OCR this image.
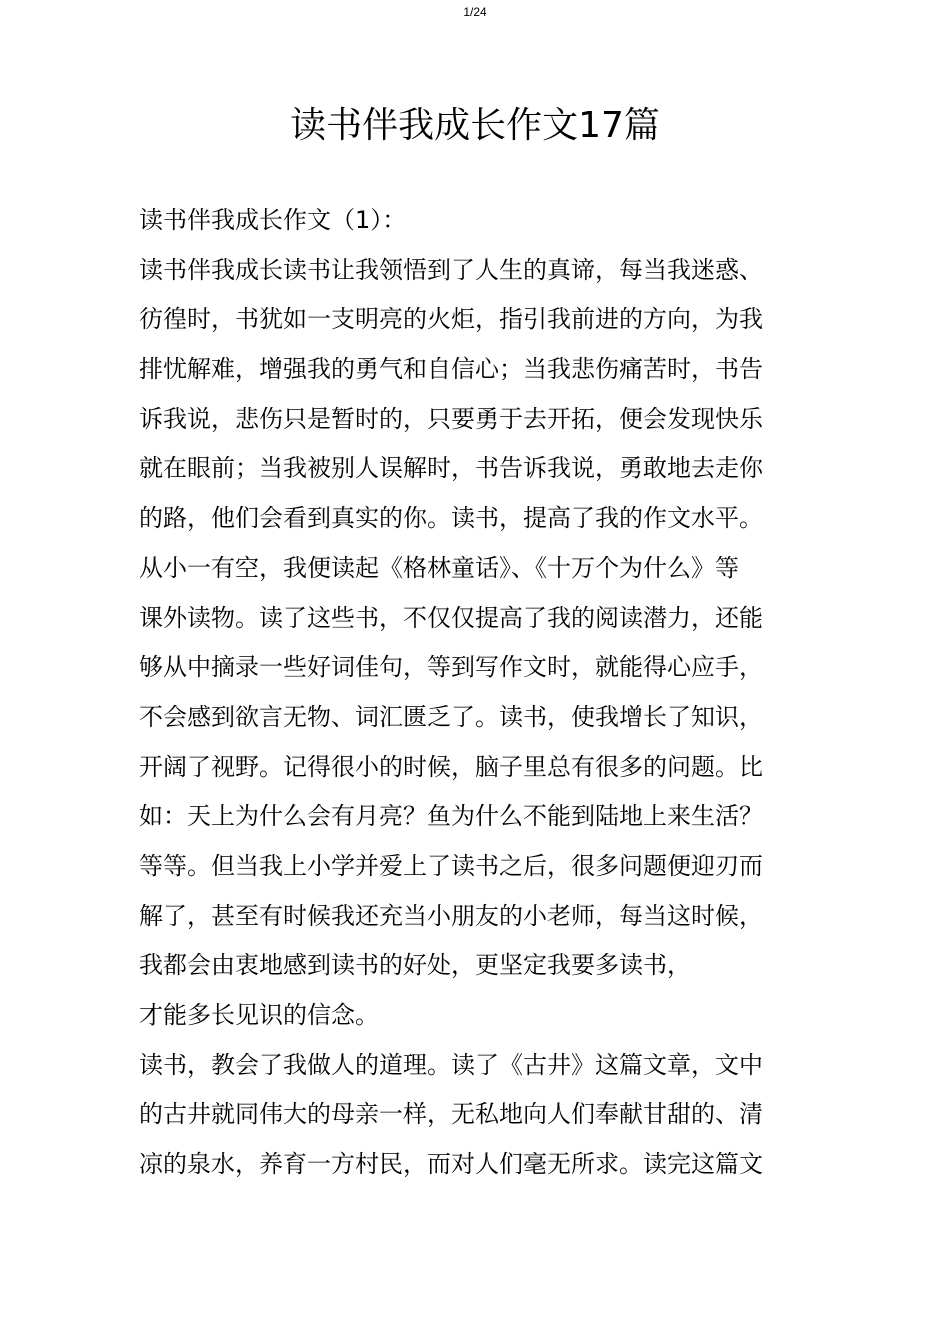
1/24
读书伴我成长作文17篇
读书伴我成长作文（1）：
读书伴我成长读书让我领悟到了人生的真谛，每当我迷惑、
彷徨时，书犹如一支明亮的火炬，指引我前进的方向，为我
排忧解难，增强我的勇气和自信心；当我悲伤痛苦时，书告
诉我说，悲伤只是暂时的，只要勇于去开拓，便会发现快乐
就在眼前；当我被别人误解时，书告诉我说，勇敢地去走你
的路，他们会看到真实的你。读书，提高了我的作文水平。
从小一有空，我便读起《格林童话》、《十万个为什么》等
课外读物。读了这些书，不仅仅提高了我的阅读潜力，还能
够从中摘录一些好词佳句，等到写作文时，就能得心应手，
不会感到欲言无物、词汇匮乏了。读书，使我增长了知识，
开阔了视野。记得很小的时候，脑子里总有很多的问题。比
如：天上为什么会有月亮？鱼为什么不能到陆地上来生活？
等等。但当我上小学并爱上了读书之后，很多问题便迎刃而
解了，甚至有时候我还充当小朋友的小老师，每当这时候，
我都会由衷地感到读书的好处，更坚定我要多读书，
才能多长见识的信念。
读书，教会了我做人的道理。读了《古井》这篇文章，文中
的古井就同伟大的母亲一样，无私地向人们奉献甘甜的、清
凉的泉水，养育一方村民，而对人们毫无所求。读完这篇文
